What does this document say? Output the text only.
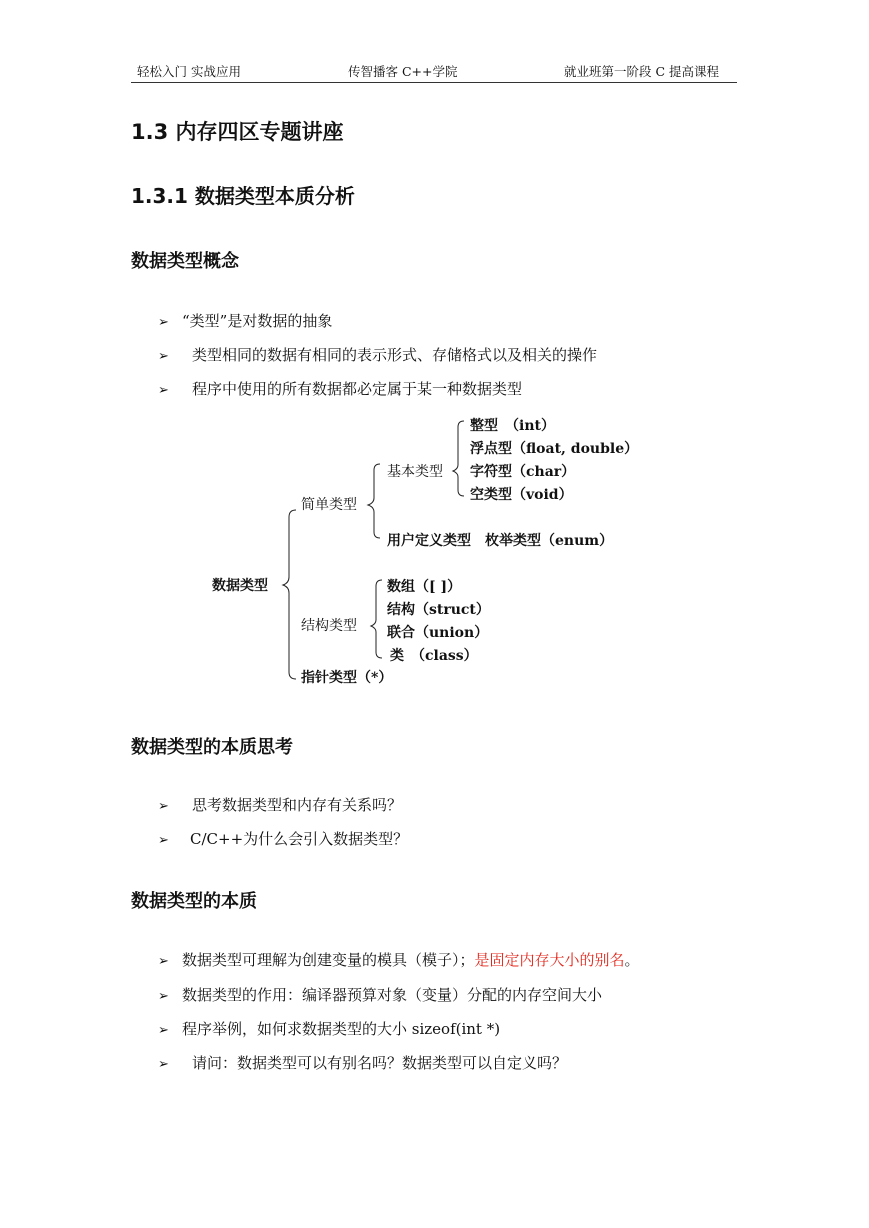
轻松入门 实战应用	传智播客 C++学院	就业班第一阶段 C 提高课程
1.3 内存四区专题讲座
1.3.1 数据类型本质分析
数据类型概念
➢ “类型”是对数据的抽象
➢ 类型相同的数据有相同的表示形式、存储格式以及相关的操作
➢ 程序中使用的所有数据都必定属于某一种数据类型
数据类型
简单类型
基本类型
整型　（int）
浮点型（float, double）
字符型（char）
空类型（void）
用户定义类型　枚举类型（enum）
结构类型
数组（[ ]）
结构（struct）
联合（union）
类　（class）
指针类型（*）
数据类型的本质思考
➢ 思考数据类型和内存有关系吗？
➢ C/C++为什么会引入数据类型？
数据类型的本质
➢ 数据类型可理解为创建变量的模具（模子）；是固定内存大小的别名。
➢ 数据类型的作用：编译器预算对象（变量）分配的内存空间大小
➢ 程序举例，如何求数据类型的大小 sizeof(int *)
➢ 请问：数据类型可以有别名吗？数据类型可以自定义吗？
